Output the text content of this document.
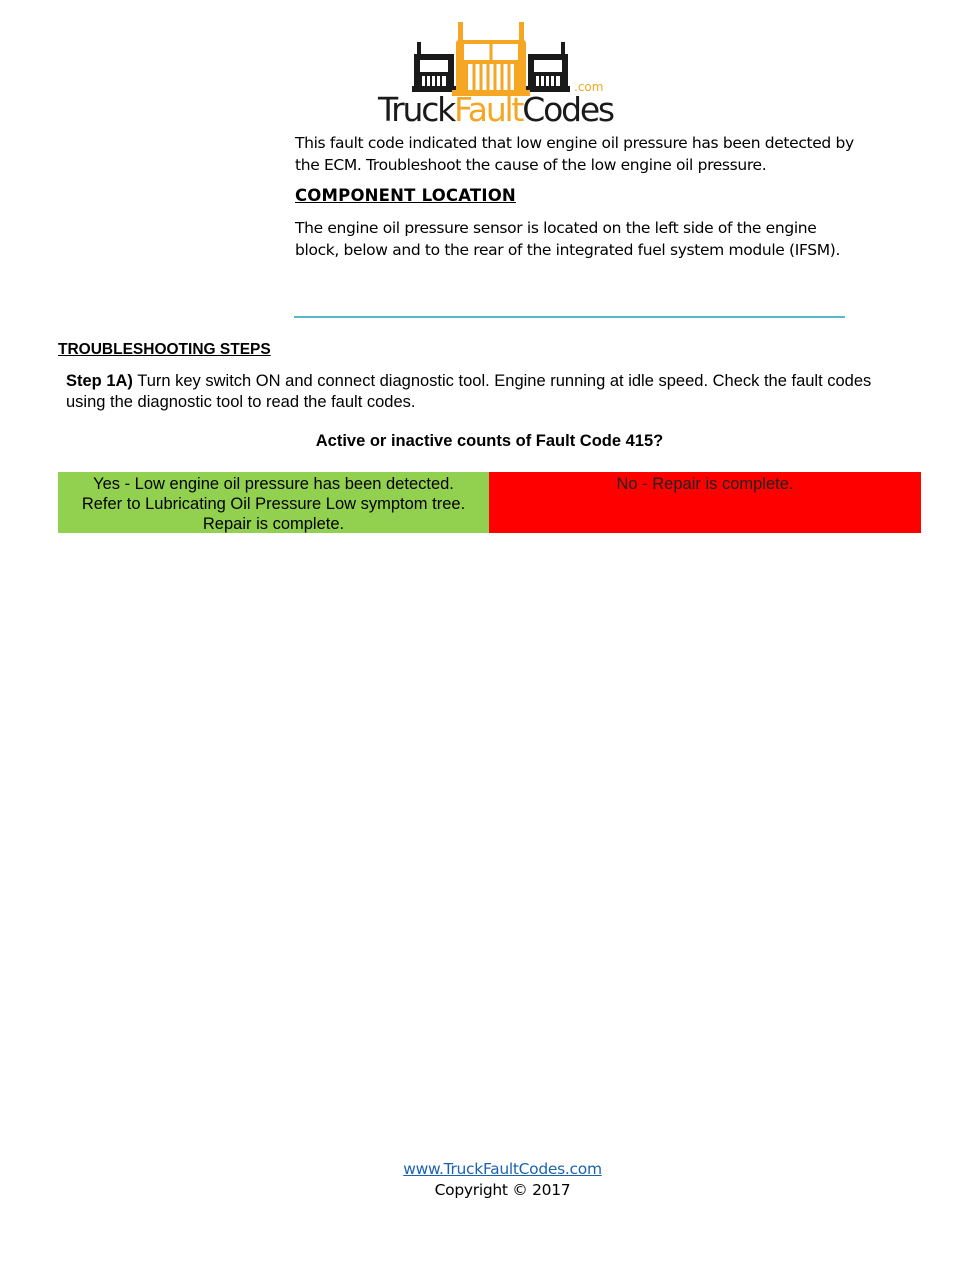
TruckFaultCodes
.com
This fault code indicated that low engine oil pressure has been detected by the ECM. Troubleshoot the cause of the low engine oil pressure.
COMPONENT LOCATION
The engine oil pressure sensor is located on the left side of the engine block, below and to the rear of the integrated fuel system module (IFSM).
TROUBLESHOOTING STEPS
Step 1A) Turn key switch ON and connect diagnostic tool. Engine running at idle speed. Check the fault codes using the diagnostic tool to read the fault codes.
Active or inactive counts of Fault Code 415?
Yes - Low engine oil pressure has been detected.
Refer to Lubricating Oil Pressure Low symptom tree.
Repair is complete.
No - Repair is complete.
www.TruckFaultCodes.com
Copyright © 2017
